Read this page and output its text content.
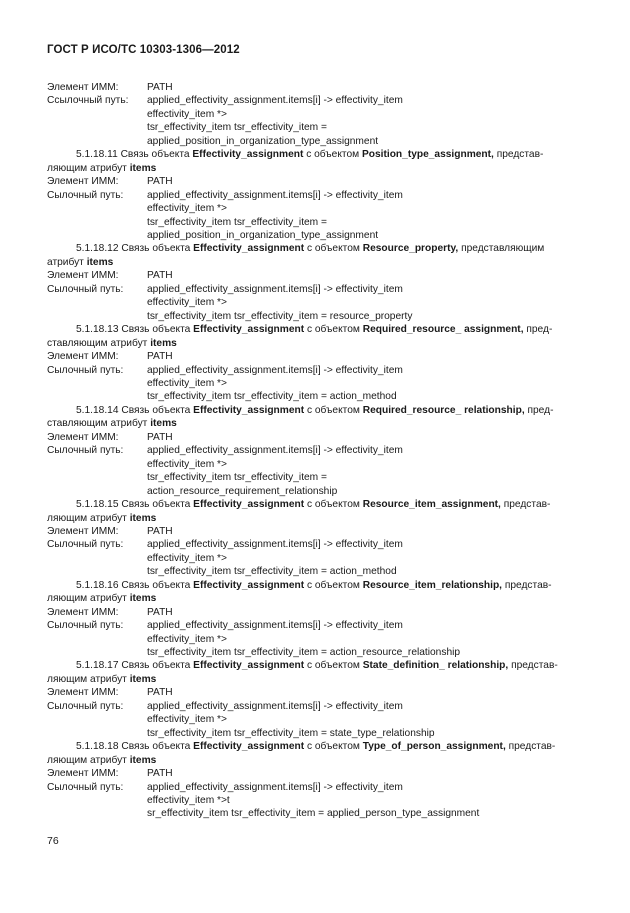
ГОСТ Р ИСО/ТС 10303-1306—2012
Элемент ИММ:	PATH
Ссылочный путь: applied_effectivity_assignment.items[i] -> effectivity_item
effectivity_item *>
tsr_effectivity_item tsr_effectivity_item =
applied_position_in_organization_type_assignment
5.1.18.11 Связь объекта Effectivity_assignment с объектом Position_type_assignment, представ-
ляющим атрибут items
Элемент ИММ:	PATH
Сылочный путь: applied_effectivity_assignment.items[i] -> effectivity_item
effectivity_item *>
tsr_effectivity_item tsr_effectivity_item =
applied_position_in_organization_type_assignment
5.1.18.12 Связь объекта Effectivity_assignment с объектом Resource_property, представляющим
атрибут items
Элемент ИММ:	PATH
Сылочный путь: applied_effectivity_assignment.items[i] -> effectivity_item
effectivity_item *>
tsr_effectivity_item tsr_effectivity_item = resource_property
5.1.18.13 Связь объекта Effectivity_assignment с объектом Required_resource_ assignment, пред-
ставляющим атрибут items
Элемент ИММ:	PATH
Сылочный путь: applied_effectivity_assignment.items[i] -> effectivity_item
effectivity_item *>
tsr_effectivity_item tsr_effectivity_item = action_method
5.1.18.14 Связь объекта Effectivity_assignment с объектом Required_resource_ relationship, пред-
ставляющим атрибут items
Элемент ИММ:	PATH
Сылочный путь: applied_effectivity_assignment.items[i] -> effectivity_item
effectivity_item *>
tsr_effectivity_item tsr_effectivity_item =
action_resource_requirement_relationship
5.1.18.15 Связь объекта Effectivity_assignment с объектом Resource_item_assignment, представ-
ляющим атрибут items
Элемент ИММ:	PATH
Сылочный путь: applied_effectivity_assignment.items[i] -> effectivity_item
effectivity_item *>
tsr_effectivity_item tsr_effectivity_item = action_method
5.1.18.16 Связь объекта Effectivity_assignment с объектом Resource_item_relationship, представ-
ляющим атрибут items
Элемент ИММ:	PATH
Сылочный путь: applied_effectivity_assignment.items[i] -> effectivity_item
effectivity_item *>
tsr_effectivity_item tsr_effectivity_item = action_resource_relationship
5.1.18.17 Связь объекта Effectivity_assignment с объектом State_definition_ relationship, представ-
ляющим атрибут items
Элемент ИММ:	PATH
Сылочный путь: applied_effectivity_assignment.items[i] -> effectivity_item
effectivity_item *>
tsr_effectivity_item tsr_effectivity_item = state_type_relationship
5.1.18.18 Связь объекта Effectivity_assignment с объектом Type_of_person_assignment, представ-
ляющим атрибут items
Элемент ИММ:	PATH
Сылочный путь: applied_effectivity_assignment.items[i] -> effectivity_item
effectivity_item *>t
sr_effectivity_item tsr_effectivity_item = applied_person_type_assignment
76
